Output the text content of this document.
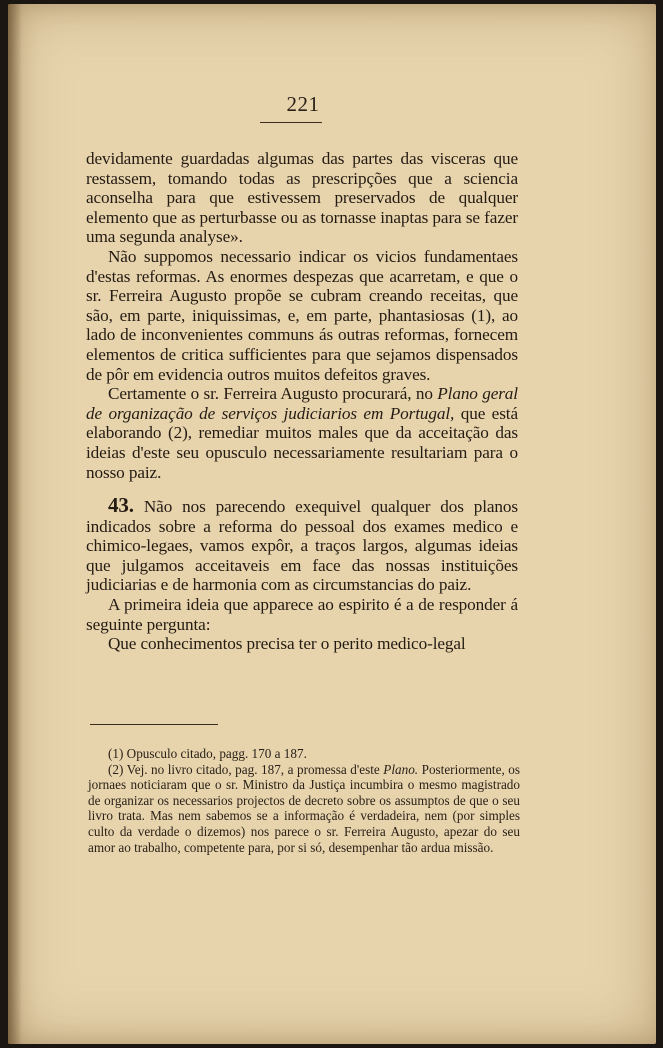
221

devidamente guardadas algumas das partes das visceras que restassem, tomando todas as prescripções que a sciencia aconselha para que estivessem preservados de qualquer elemento que as perturbasse ou as tornasse inaptas para se fazer uma segunda analyse».

Não suppomos necessario indicar os vicios fundamentaes d'estas reformas. As enormes despezas que acarretam, e que o sr. Ferreira Augusto propõe se cubram creando receitas, que são, em parte, iniquissimas, e, em parte, phantasiosas (1), ao lado de inconvenientes communs ás outras reformas, fornecem elementos de critica sufficientes para que sejamos dispensados de pôr em evidencia outros muitos defeitos graves.

Certamente o sr. Ferreira Augusto procurará, no Plano geral de organização de serviços judiciarios em Portugal, que está elaborando (2), remediar muitos males que da acceitação das ideias d'este seu opusculo necessariamente resultariam para o nosso paiz.

43. Não nos parecendo exequivel qualquer dos planos indicados sobre a reforma do pessoal dos exames medico e chimico-legaes, vamos expôr, a traços largos, algumas ideias que julgamos acceitaveis em face das nossas instituições judiciarias e de harmonia com as circumstancias do paiz.

A primeira ideia que apparece ao espirito é a de responder á seguinte pergunta:

Que conhecimentos precisa ter o perito medico-legal

(1) Opusculo citado, pagg. 170 a 187.

(2) Vej. no livro citado, pag. 187, a promessa d'este Plano. Posteriormente, os jornaes noticiaram que o sr. Ministro da Justiça incumbira o mesmo magistrado de organizar os necessarios projectos de decreto sobre os assumptos de que o seu livro trata. Mas nem sabemos se a informação é verdadeira, nem (por simples culto da verdade o dizemos) nos parece o sr. Ferreira Augusto, apezar do seu amor ao trabalho, competente para, por si só, desempenhar tão ardua missão.
